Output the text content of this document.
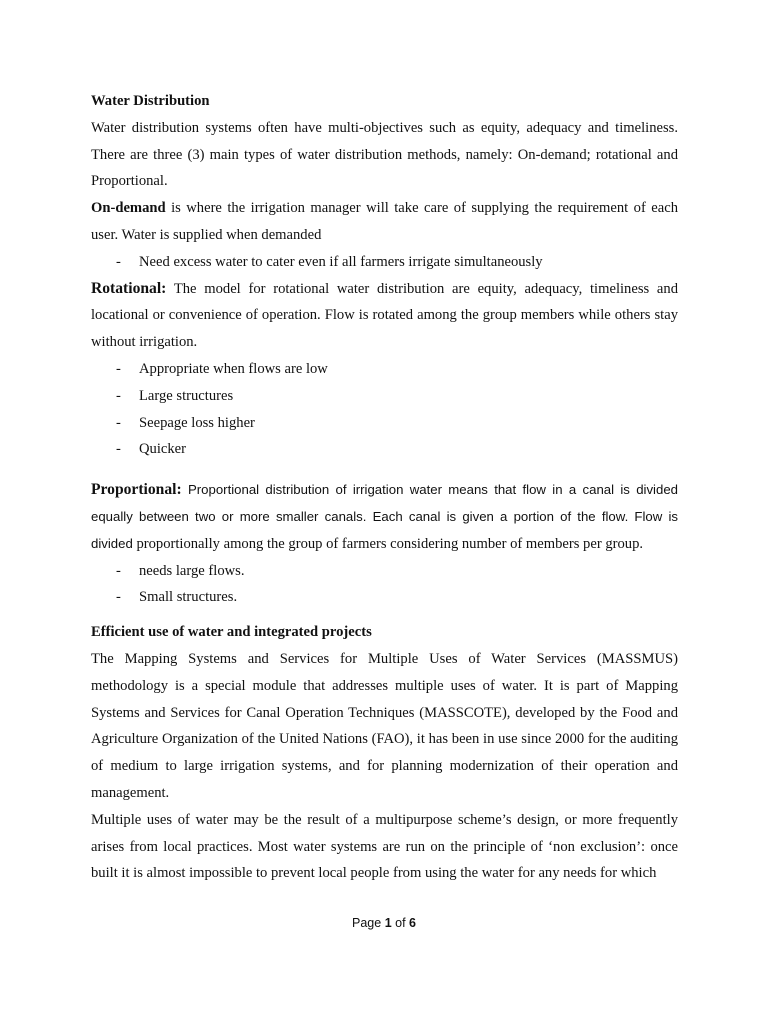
Water Distribution

Water distribution systems often have multi-objectives such as equity, adequacy and timeliness. There are three (3) main types of water distribution methods, namely: On-demand; rotational and Proportional.

On-demand is where the irrigation manager will take care of supplying the requirement of each user. Water is supplied when demanded

- Need excess water to cater even if all farmers irrigate simultaneously

Rotational: The model for rotational water distribution are equity, adequacy, timeliness and locational or convenience of operation. Flow is rotated among the group members while others stay without irrigation.

- Appropriate when flows are low
- Large structures
- Seepage loss higher
- Quicker

Proportional: Proportional distribution of irrigation water means that flow in a canal is divided equally between two or more smaller canals. Each canal is given a portion of the flow. Flow is divided proportionally among the group of farmers considering number of members per group.

- needs large flows.
- Small structures.
Efficient use of water and integrated projects

The Mapping Systems and Services for Multiple Uses of Water Services (MASSMUS) methodology is a special module that addresses multiple uses of water. It is part of Mapping Systems and Services for Canal Operation Techniques (MASSCOTE), developed by the Food and Agriculture Organization of the United Nations (FAO), it has been in use since 2000 for the auditing of medium to large irrigation systems, and for planning modernization of their operation and management.

Multiple uses of water may be the result of a multipurpose scheme’s design, or more frequently arises from local practices. Most water systems are run on the principle of ‘non exclusion’: once built it is almost impossible to prevent local people from using the water for any needs for which

Page 1 of 6
